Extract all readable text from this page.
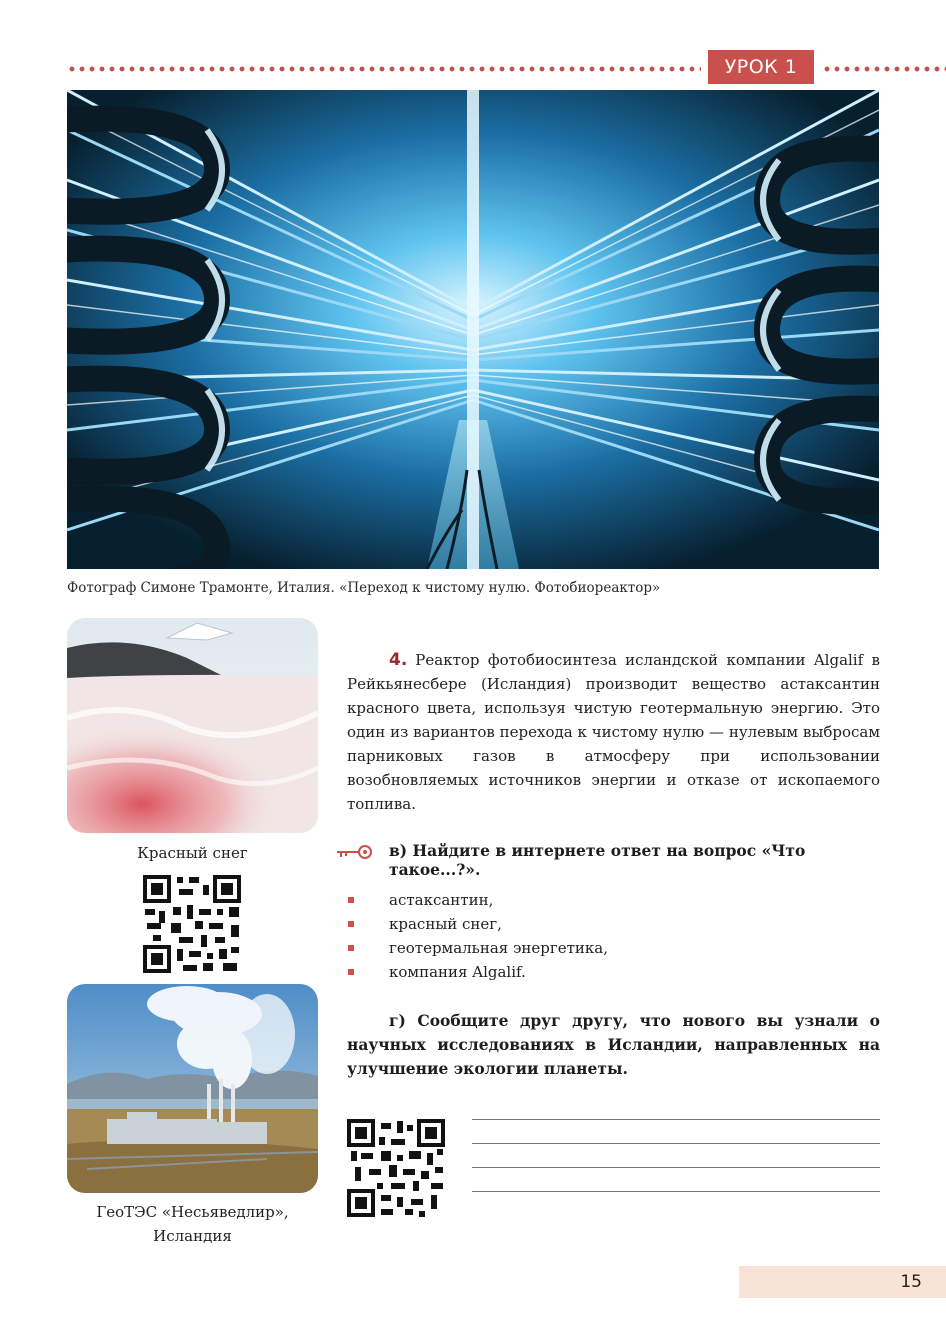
УРОК 1
Фотограф Симоне Трамонте, Италия. «Переход к чистому нулю. Фотобиореактор»
Красный снег
ГеоТЭС «Несьяведлир»,
Исландия
4. Реактор фотобиосинтеза исландской компании Algalif в Рейкьянесбере (Исландия) производит вещество астаксантин красного цвета, используя чистую геотермальную энергию. Это один из вариантов перехода к чистому нулю — нулевым выбросам парниковых газов в атмосферу при использовании возобновляемых источников энергии и отказе от ископаемого топлива.
в) Найдите в интернете ответ на вопрос «Что такое...?».
астаксантин,
красный снег,
геотермальная энергетика,
компания Algalif.
г) Сообщите друг другу, что нового вы узнали о научных исследованиях в Исландии, направленных на улучшение экологии планеты.
15
